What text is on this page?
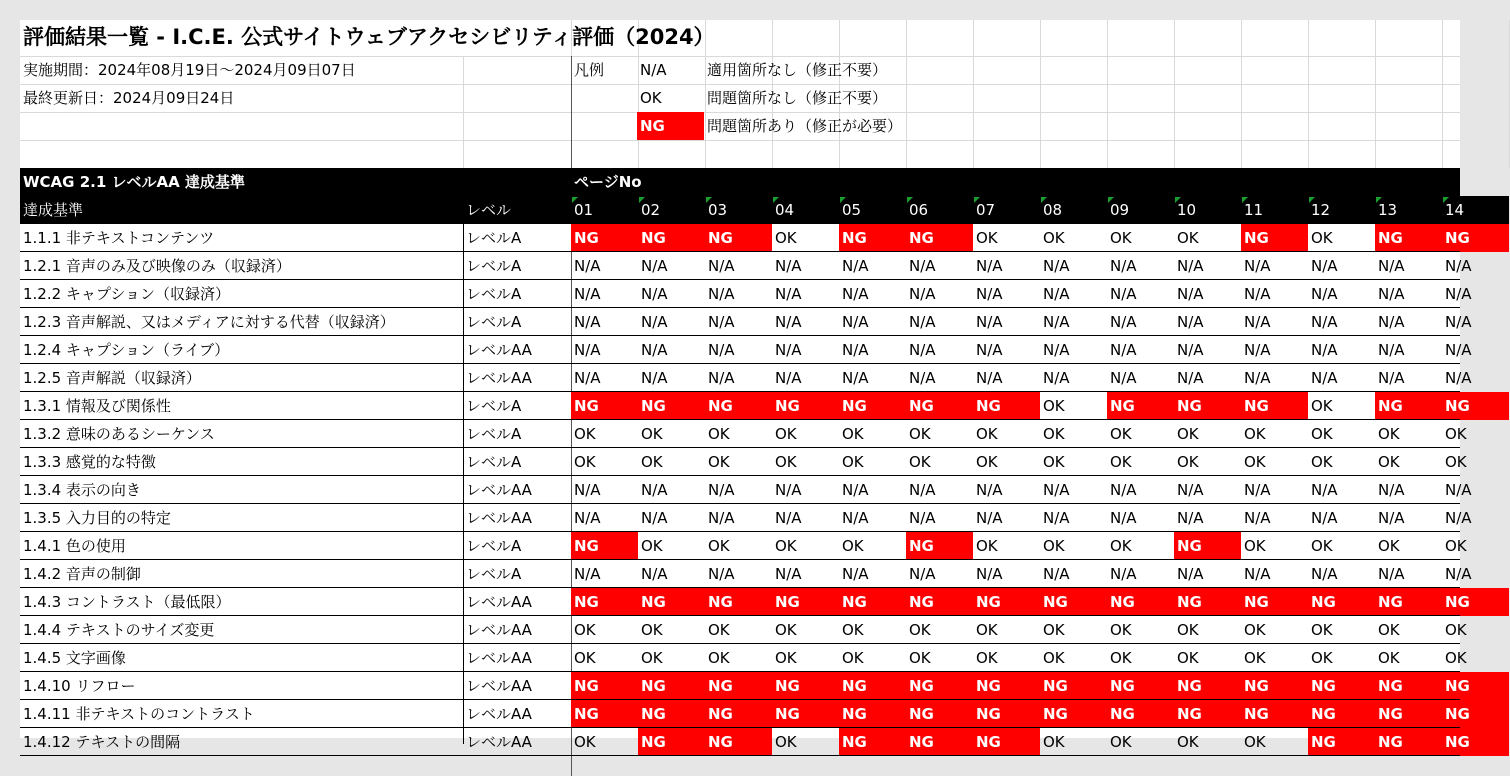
評価結果一覧 - I.C.E. 公式サイトウェブアクセシビリティ評価（2024）
実施期間：2024年08月19日〜2024月09日07日
最終更新日：2024月09日24日
凡例	N/A	適用箇所なし（修正不要）
OK	問題箇所なし（修正不要）
NG	問題箇所あり（修正が必要）
WCAG 2.1 レベルAA 達成基準	ページNo
達成基準	レベル	01	02	03	04	05	06	07	08	09	10	11	12	13	14
1.1.1 非テキストコンテンツ	レベルA	NG	NG	NG	OK	NG	NG	OK	OK	OK	OK	NG	OK	NG	NG
1.2.1 音声のみ及び映像のみ（収録済）	レベルA	N/A	N/A	N/A	N/A	N/A	N/A	N/A	N/A	N/A	N/A	N/A	N/A	N/A	N/A
1.2.2 キャプション（収録済）	レベルA	N/A	N/A	N/A	N/A	N/A	N/A	N/A	N/A	N/A	N/A	N/A	N/A	N/A	N/A
1.2.3 音声解説、又はメディアに対する代替（収録済）	レベルA	N/A	N/A	N/A	N/A	N/A	N/A	N/A	N/A	N/A	N/A	N/A	N/A	N/A	N/A
1.2.4 キャプション（ライブ）	レベルAA	N/A	N/A	N/A	N/A	N/A	N/A	N/A	N/A	N/A	N/A	N/A	N/A	N/A	N/A
1.2.5 音声解説（収録済）	レベルAA	N/A	N/A	N/A	N/A	N/A	N/A	N/A	N/A	N/A	N/A	N/A	N/A	N/A	N/A
1.3.1 情報及び関係性	レベルA	NG	NG	NG	NG	NG	NG	NG	OK	NG	NG	NG	OK	NG	NG
1.3.2 意味のあるシーケンス	レベルA	OK	OK	OK	OK	OK	OK	OK	OK	OK	OK	OK	OK	OK	OK
1.3.3 感覚的な特徴	レベルA	OK	OK	OK	OK	OK	OK	OK	OK	OK	OK	OK	OK	OK	OK
1.3.4 表示の向き	レベルAA	N/A	N/A	N/A	N/A	N/A	N/A	N/A	N/A	N/A	N/A	N/A	N/A	N/A	N/A
1.3.5 入力目的の特定	レベルAA	N/A	N/A	N/A	N/A	N/A	N/A	N/A	N/A	N/A	N/A	N/A	N/A	N/A	N/A
1.4.1 色の使用	レベルA	NG	OK	OK	OK	OK	NG	OK	OK	OK	NG	OK	OK	OK	OK
1.4.2 音声の制御	レベルA	N/A	N/A	N/A	N/A	N/A	N/A	N/A	N/A	N/A	N/A	N/A	N/A	N/A	N/A
1.4.3 コントラスト（最低限）	レベルAA	NG	NG	NG	NG	NG	NG	NG	NG	NG	NG	NG	NG	NG	NG
1.4.4 テキストのサイズ変更	レベルAA	OK	OK	OK	OK	OK	OK	OK	OK	OK	OK	OK	OK	OK	OK
1.4.5 文字画像	レベルAA	OK	OK	OK	OK	OK	OK	OK	OK	OK	OK	OK	OK	OK	OK
1.4.10 リフロー	レベルAA	NG	NG	NG	NG	NG	NG	NG	NG	NG	NG	NG	NG	NG	NG
1.4.11 非テキストのコントラスト	レベルAA	NG	NG	NG	NG	NG	NG	NG	NG	NG	NG	NG	NG	NG	NG
1.4.12 テキストの間隔	レベルAA	OK	NG	NG	OK	NG	NG	NG	OK	OK	OK	OK	NG	NG	NG
